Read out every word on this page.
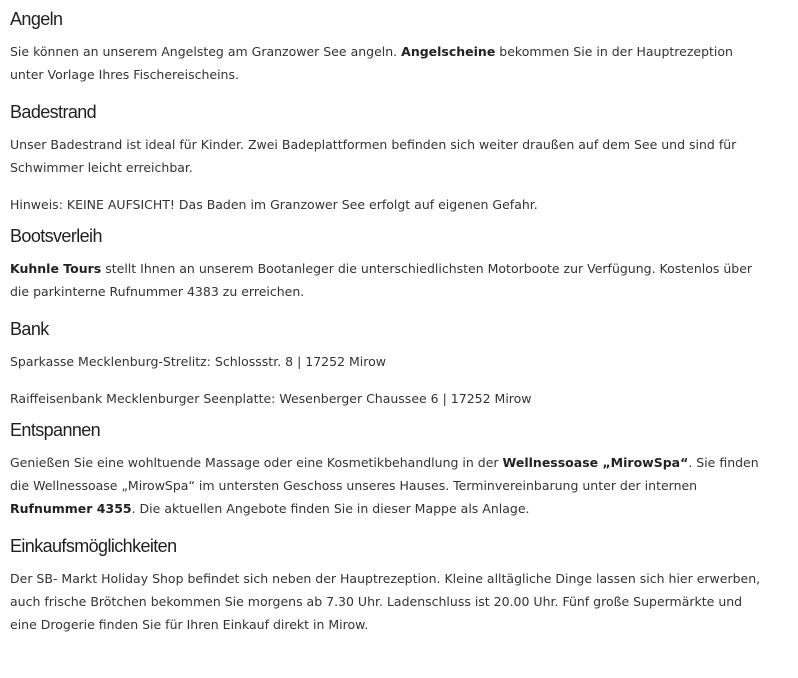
Angeln

Sie können an unserem Angelsteg am Granzower See angeln. Angelscheine bekommen Sie in der Hauptrezeption unter Vorlage Ihres Fischereischeins.

Badestrand

Unser Badestrand ist ideal für Kinder. Zwei Badeplattformen befinden sich weiter draußen auf dem See und sind für Schwimmer leicht erreichbar.

Hinweis: KEINE AUFSICHT! Das Baden im Granzower See erfolgt auf eigenen Gefahr.

Bootsverleih

Kuhnle Tours stellt Ihnen an unserem Bootanleger die unterschiedlichsten Motorboote zur Verfügung. Kostenlos über die parkinterne Rufnummer 4383 zu erreichen.

Bank

Sparkasse Mecklenburg-Strelitz: Schlossstr. 8 | 17252 Mirow

Raiffeisenbank Mecklenburger Seenplatte: Wesenberger Chaussee 6 | 17252 Mirow

Entspannen

Genießen Sie eine wohltuende Massage oder eine Kosmetikbehandlung in der Wellnessoase „MirowSpa“. Sie finden die Wellnessoase „MirowSpa“ im untersten Geschoss unseres Hauses. Terminvereinbarung unter der internen Rufnummer 4355. Die aktuellen Angebote finden Sie in dieser Mappe als Anlage.

Einkaufsmöglichkeiten

Der SB- Markt Holiday Shop befindet sich neben der Hauptrezeption. Kleine alltägliche Dinge lassen sich hier erwerben, auch frische Brötchen bekommen Sie morgens ab 7.30 Uhr. Ladenschluss ist 20.00 Uhr. Fünf große Supermärkte und eine Drogerie finden Sie für Ihren Einkauf direkt in Mirow.
